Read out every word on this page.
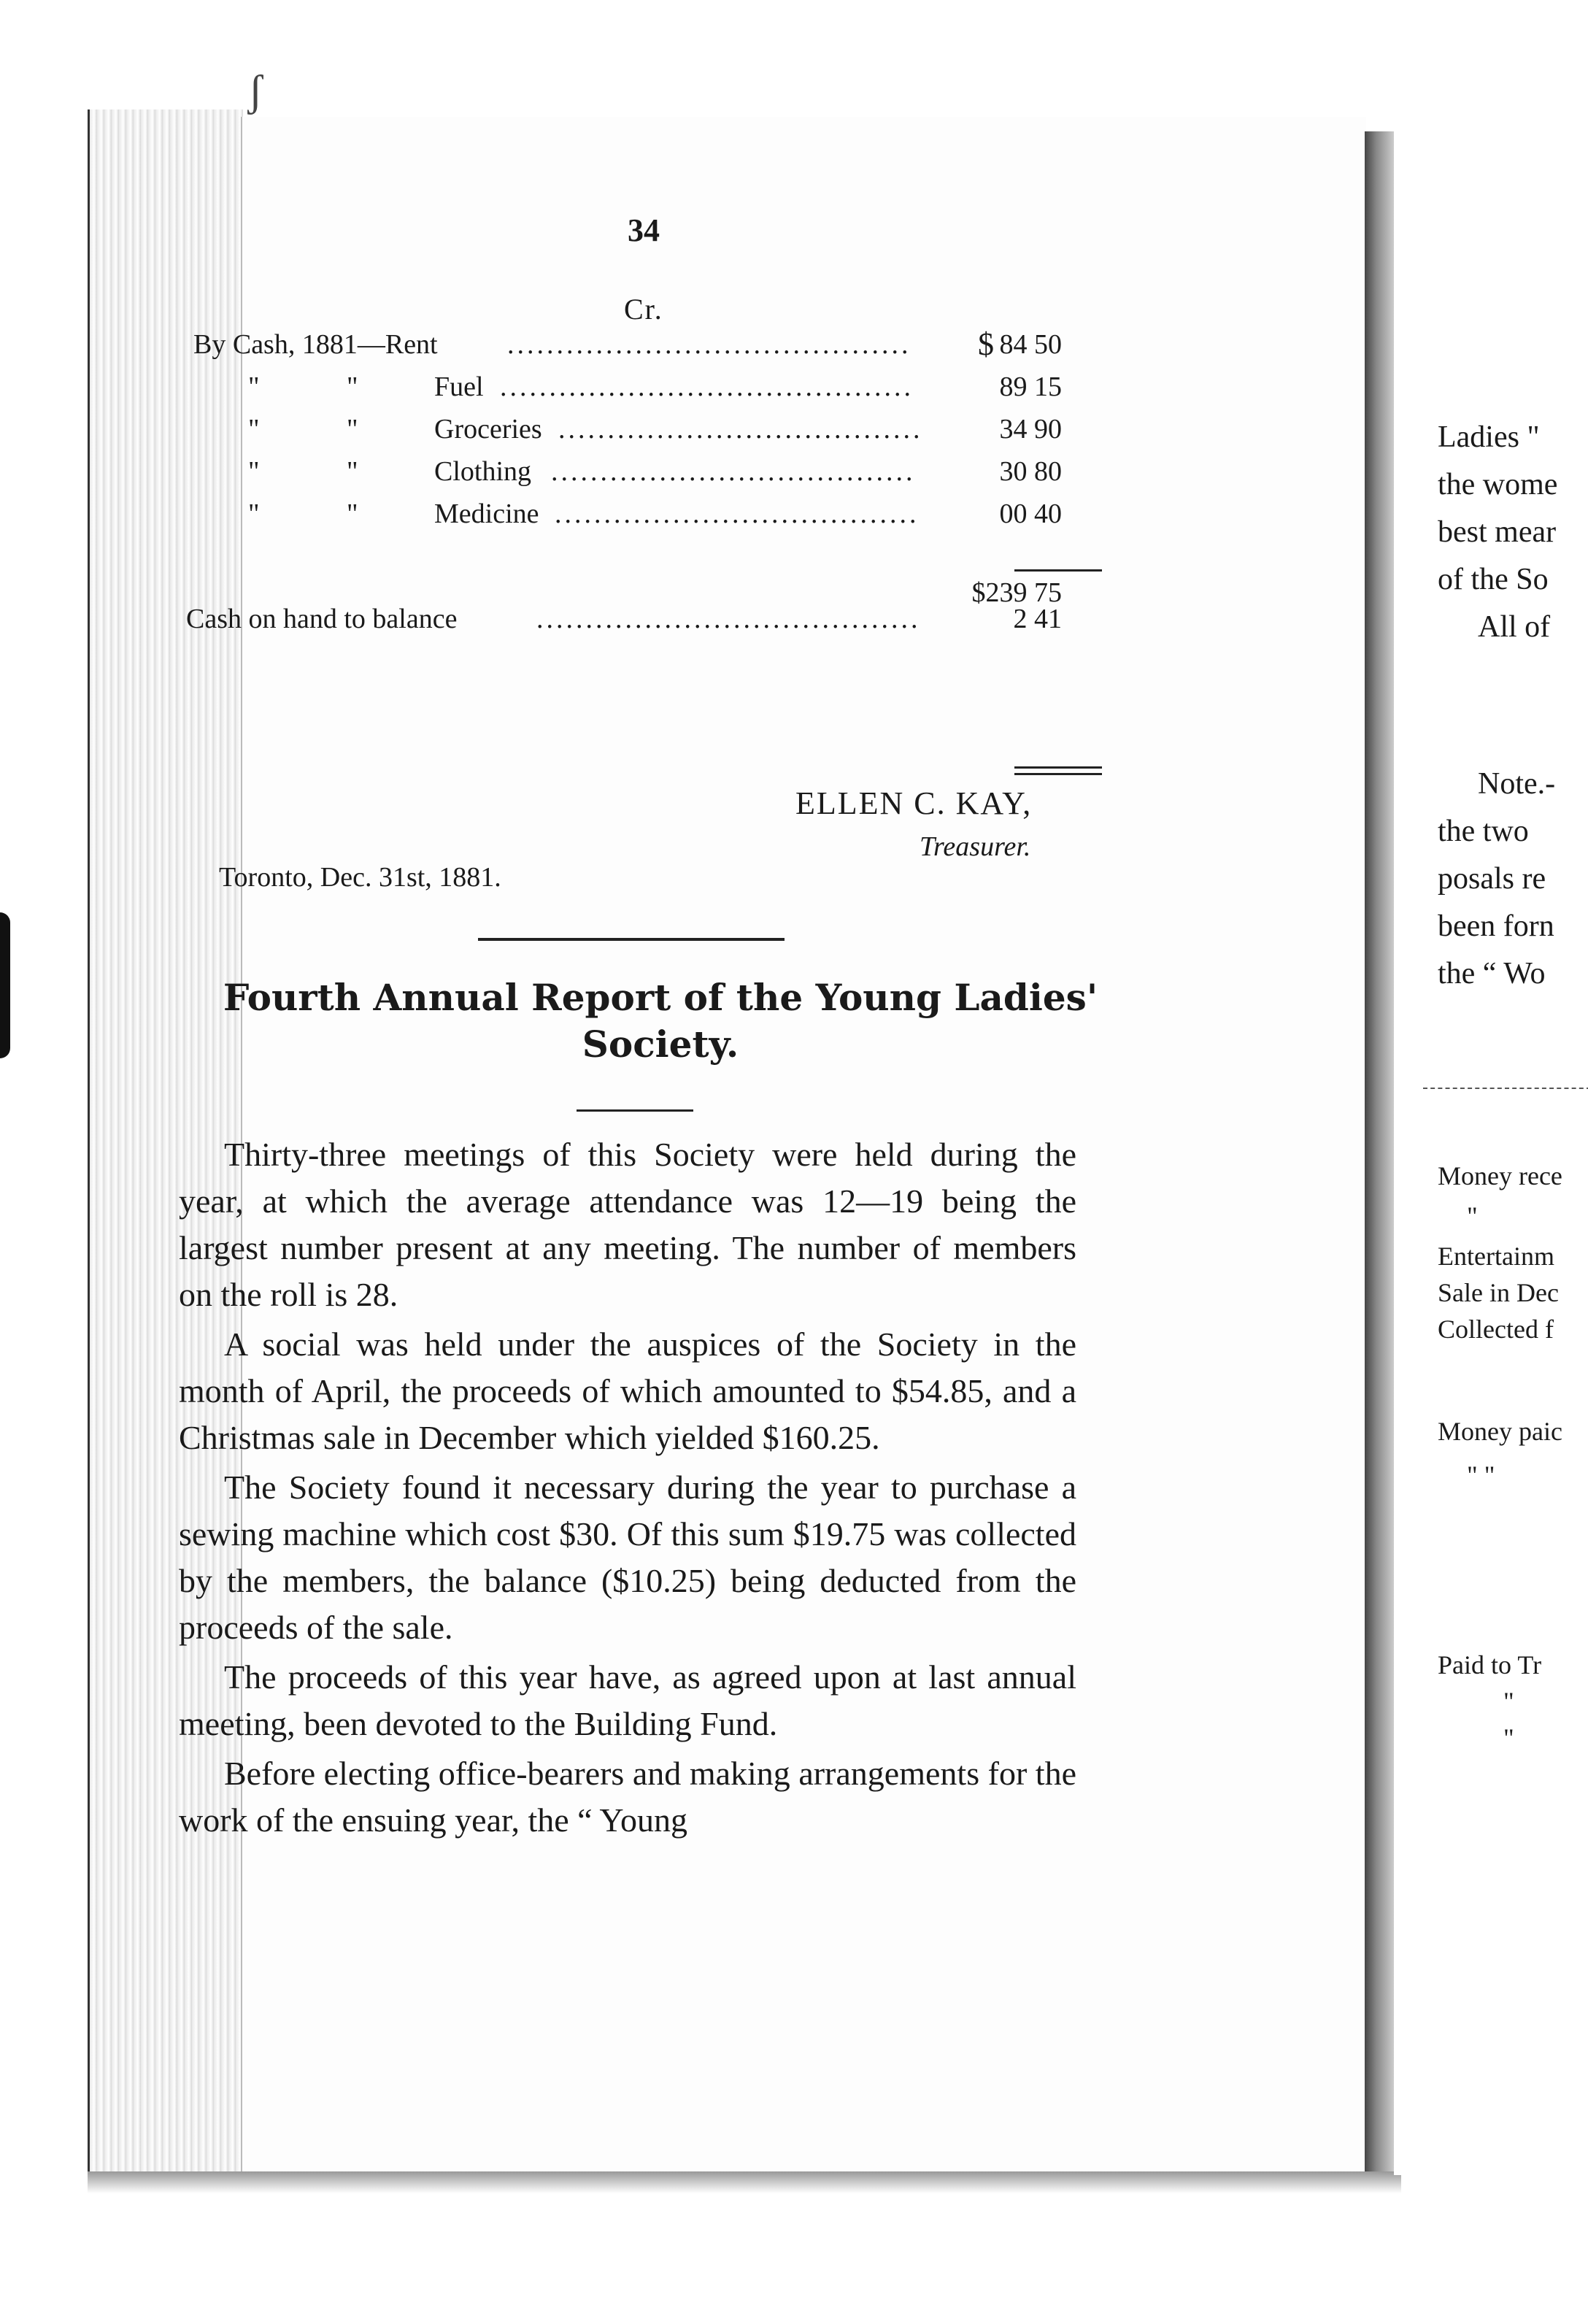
ʃ
34
Cr.
By Cash, 1881—Rent	.........................................	$ 84 50
"	"	Fuel ..........................................	89 15
"	"	Groceries .....................................	34 90
"	"	Clothing .....................................	30 80
"	"	Medicine .....................................	00 40
$239 75
Cash on hand to balance	.......................................	2 41
ELLEN C. KAY,
Treasurer.
Toronto, Dec. 31st, 1881.
Fourth Annual Report of the Young Ladies'
Society.

Thirty-three meetings of this Society were held during the year, at which the average attendance was 12—19 being the largest number present at any meeting. The number of members on the roll is 28.

A social was held under the auspices of the Society in the month of April, the proceeds of which amounted to $54.85, and a Christmas sale in December which yielded $160.25.

The Society found it necessary during the year to purchase a sewing machine which cost $30. Of this sum $19.75 was collected by the members, the balance ($10.25) being deducted from the proceeds of the sale.

The proceeds of this year have, as agreed upon at last annual meeting, been devoted to the Building Fund.

Before electing office-bearers and making arrangements for the work of the ensuing year, the “ Young

Ladies "
the wome
best mear
of the So
All of
Note.-
the two
posals re
been forn
the “ Wo
Money rece
"
Entertainm
Sale in Dec
Collected f
Money paic
" "
Paid to Tr
"
"
